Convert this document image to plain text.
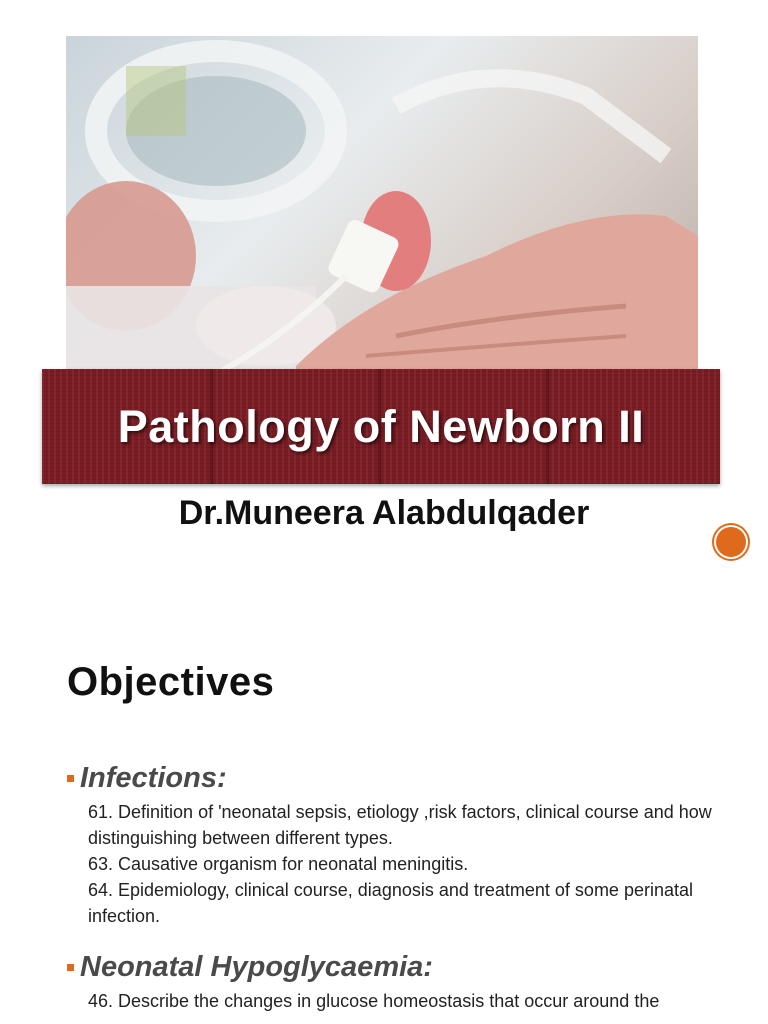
Pathology of Newborn II
Dr.Muneera Alabdulqader
Objectives
Infections:
61. Definition of 'neonatal sepsis, etiology ,risk factors, clinical course and how distinguishing between different types.
63. Causative organism for neonatal meningitis.
64. Epidemiology, clinical course, diagnosis and treatment of some perinatal infection.
Neonatal Hypoglycaemia:
46. Describe the changes in glucose homeostasis that occur around the
